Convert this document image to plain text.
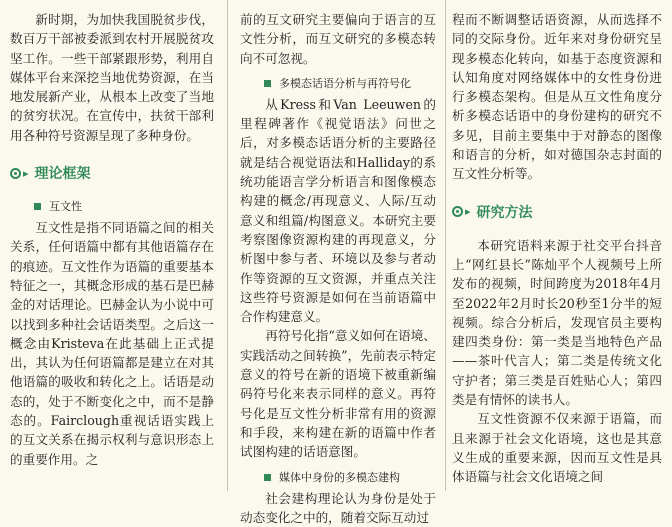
新时期，为加快我国脱贫步伐，数百万干部被委派到农村开展脱贫攻坚工作。一些干部紧跟形势，利用自媒体平台来深挖当地优势资源，在当地发展新产业，从根本上改变了当地的贫穷状况。在宣传中，扶贫干部利用各种符号资源呈现了多种身份。

▸ 理论框架
互文性

互文性是指不同语篇之间的相关关系，任何语篇中都有其他语篇存在的痕迹。互文性作为语篇的重要基本特征之一，其概念形成的基石是巴赫金的对话理论。巴赫金认为小说中可以找到多种社会话语类型。之后这一概念由Kristeva在此基础上正式提出，其认为任何语篇都是建立在对其他语篇的吸收和转化之上。话语是动态的，处于不断变化之中，而不是静态的。Fairclough重视话语实践上的互文关系在揭示权利与意识形态上的重要作用。之

前的互文研究主要偏向于语言的互文性分析，而互文研究的多模态转向不可忽视。

多模态话语分析与再符号化

从Kress和Van Leeuwen的里程碑著作《视觉语法》问世之后，对多模态话语分析的主要路径就是结合视觉语法和Halliday的系统功能语言学分析语言和图像模态构建的概念/再现意义、人际/互动意义和组篇/构图意义。本研究主要考察图像资源构建的再现意义，分析图中参与者、环境以及参与者动作等资源的互文资源，并重点关注这些符号资源是如何在当前语篇中合作构建意义。

再符号化指“意义如何在语境、实践活动之间转换”，先前表示特定意义的符号在新的语境下被重新编码符号化来表示同样的意义。再符号化是互文性分析非常有用的资源和手段，来构建在新的语篇中作者试图构建的话语意图。

媒体中身份的多模态建构

社会建构理论认为身份是处于动态变化之中的，随着交际互动过

程而不断调整话语资源，从而选择不同的交际身份。近年来对身份研究呈现多模态化转向，如基于态度资源和认知角度对网络媒体中的女性身份进行多模态架构。但是从互文性角度分析多模态话语中的身份建构的研究不多见，目前主要集中于对静态的图像和语言的分析，如对德国杂志封面的互文性分析等。

▸ 研究方法

本研究语料来源于社交平台抖音上“网红县长”陈灿平个人视频号上所发布的视频，时间跨度为2018年4月至2022年2月时长20秒至1分半的短视频。综合分析后，发现官员主要构建四类身份：第一类是当地特色产品——茶叶代言人；第二类是传统文化守护者；第三类是百姓贴心人；第四类是有情怀的读书人。

互文性资源不仅来源于语篇，而且来源于社会文化语境，这也是其意义生成的重要来源，因而互文性是具体语篇与社会文化语境之间
